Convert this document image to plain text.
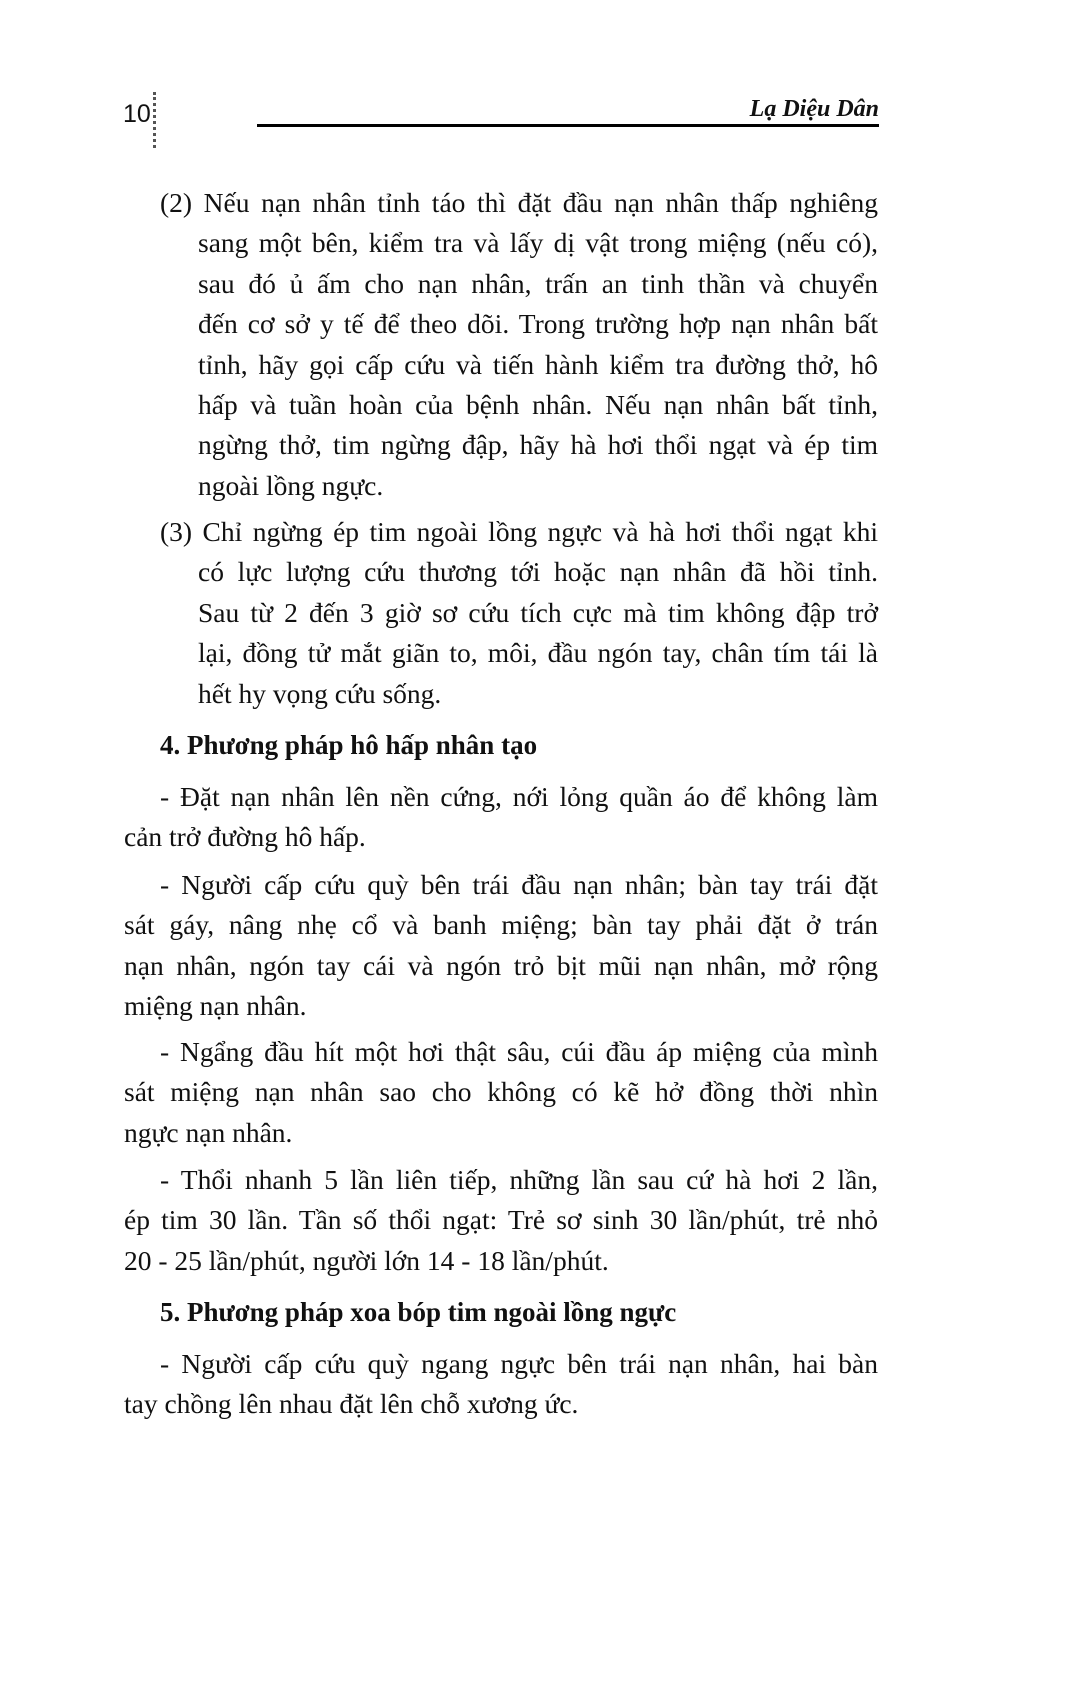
10	Lạ Diệu Dân
4. Phương pháp hô hấp nhân tạo
5. Phương pháp xoa bóp tim ngoài lồng ngực
(2) Nếu nạn nhân tỉnh táo thì đặt đầu nạn nhân thấp nghiêng
sang một bên, kiểm tra và lấy dị vật trong miệng (nếu có),
sau đó ủ ấm cho nạn nhân, trấn an tinh thần và chuyển
đến cơ sở y tế để theo dõi. Trong trường hợp nạn nhân bất
tỉnh, hãy gọi cấp cứu và tiến hành kiểm tra đường thở, hô
hấp và tuần hoàn của bệnh nhân. Nếu nạn nhân bất tỉnh,
ngừng thở, tim ngừng đập, hãy hà hơi thổi ngạt và ép tim
ngoài lồng ngực.
(3) Chỉ ngừng ép tim ngoài lồng ngực và hà hơi thổi ngạt khi
có lực lượng cứu thương tới hoặc nạn nhân đã hồi tỉnh.
Sau từ 2 đến 3 giờ sơ cứu tích cực mà tim không đập trở
lại, đồng tử mắt giãn to, môi, đầu ngón tay, chân tím tái là
hết hy vọng cứu sống.
- Đặt nạn nhân lên nền cứng, nới lỏng quần áo để không làm
cản trở đường hô hấp.
- Người cấp cứu quỳ bên trái đầu nạn nhân; bàn tay trái đặt
sát gáy, nâng nhẹ cổ và banh miệng; bàn tay phải đặt ở trán
nạn nhân, ngón tay cái và ngón trỏ bịt mũi nạn nhân, mở rộng
miệng nạn nhân.
- Ngẩng đầu hít một hơi thật sâu, cúi đầu áp miệng của mình
sát miệng nạn nhân sao cho không có kẽ hở đồng thời nhìn
ngực nạn nhân.
- Thổi nhanh 5 lần liên tiếp, những lần sau cứ hà hơi 2 lần,
ép tim 30 lần. Tần số thổi ngạt: Trẻ sơ sinh 30 lần/phút, trẻ nhỏ
20 - 25 lần/phút, người lớn 14 - 18 lần/phút.
- Người cấp cứu quỳ ngang ngực bên trái nạn nhân, hai bàn
tay chồng lên nhau đặt lên chỗ xương ức.
